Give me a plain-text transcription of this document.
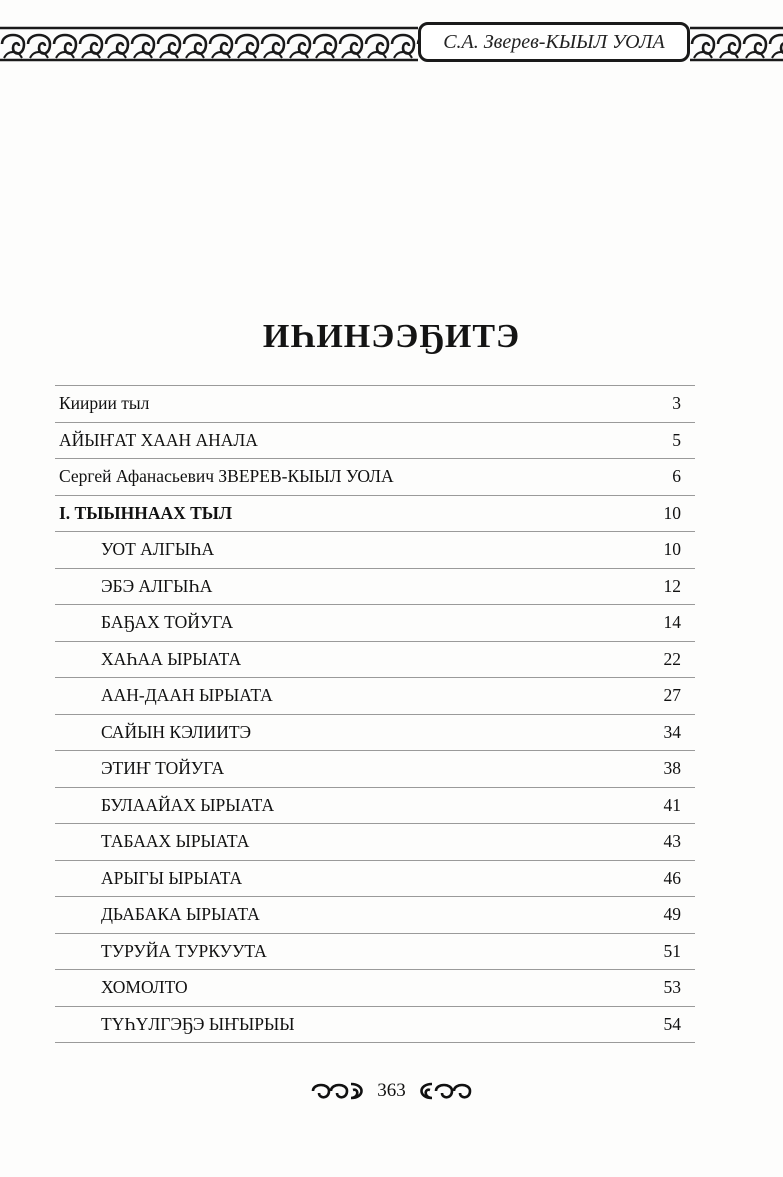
С.А. Зверев-КЫЫЛ УОЛА
ИҺИНЭЭҔИТЭ
Киирии тыл	3
АЙЫҤАТ ХААН АНАЛА	5
Сергей Афанасьевич ЗВЕРЕВ-КЫЫЛ УОЛА	6
I. ТЫЫННААХ ТЫЛ	10
УОТ АЛГЫҺА	10
ЭБЭ АЛГЫҺА	12
БАҔАХ ТОЙУГА	14
ХАҺАА ЫРЫАТА	22
ААН-ДААН ЫРЫАТА	27
САЙЫН КЭЛИИТЭ	34
ЭТИҤ ТОЙУГА	38
БУЛААЙАХ ЫРЫАТА	41
ТАБААХ ЫРЫАТА	43
АРЫГЫ ЫРЫАТА	46
ДЬАБАКА ЫРЫАТА	49
ТУРУЙА ТУРКУУТА	51
ХОМОЛТО	53
ТҮҺҮЛГЭҔЭ ЫҤЫРЫЫ	54
363
